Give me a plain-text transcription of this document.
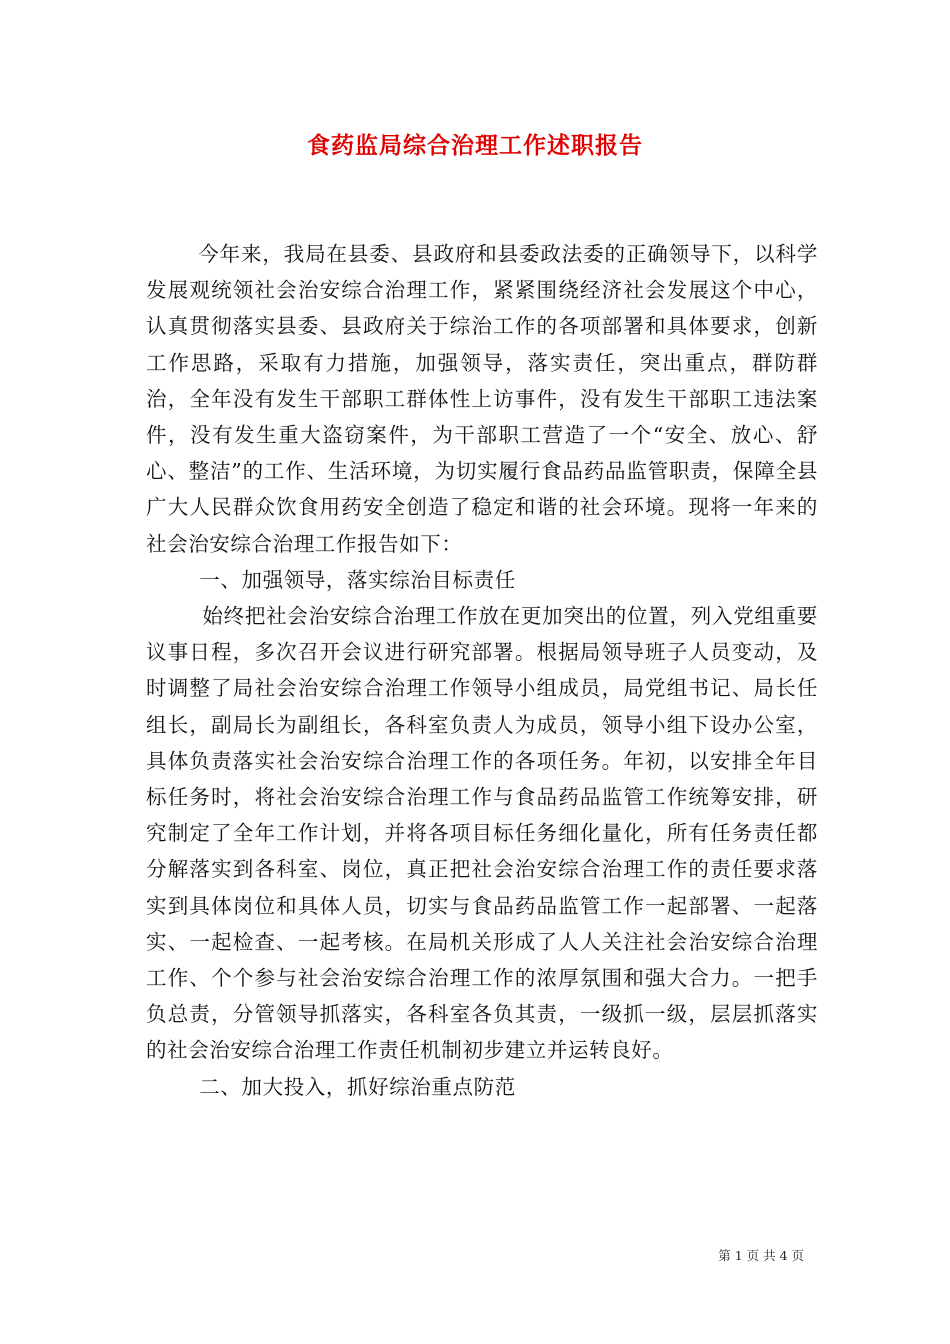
食药监局综合治理工作述职报告

今年来，我局在县委、县政府和县委政法委的正确领导下，以科学发展观统领社会治安综合治理工作，紧紧围绕经济社会发展这个中心，认真贯彻落实县委、县政府关于综治工作的各项部署和具体要求，创新工作思路，采取有力措施，加强领导，落实责任，突出重点，群防群治，全年没有发生干部职工群体性上访事件，没有发生干部职工违法案件，没有发生重大盗窃案件，为干部职工营造了一个“安全、放心、舒心、整洁”的工作、生活环境，为切实履行食品药品监管职责，保障全县广大人民群众饮食用药安全创造了稳定和谐的社会环境。现将一年来的社会治安综合治理工作报告如下：

一、加强领导，落实综治目标责任

始终把社会治安综合治理工作放在更加突出的位置，列入党组重要议事日程，多次召开会议进行研究部署。根据局领导班子人员变动，及时调整了局社会治安综合治理工作领导小组成员，局党组书记、局长任组长，副局长为副组长，各科室负责人为成员，领导小组下设办公室，具体负责落实社会治安综合治理工作的各项任务。年初，以安排全年目标任务时，将社会治安综合治理工作与食品药品监管工作统筹安排，研究制定了全年工作计划，并将各项目标任务细化量化，所有任务责任都分解落实到各科室、岗位，真正把社会治安综合治理工作的责任要求落实到具体岗位和具体人员，切实与食品药品监管工作一起部署、一起落实、一起检查、一起考核。在局机关形成了人人关注社会治安综合治理工作、个个参与社会治安综合治理工作的浓厚氛围和强大合力。一把手负总责，分管领导抓落实，各科室各负其责，一级抓一级，层层抓落实的社会治安综合治理工作责任机制初步建立并运转良好。

二、加大投入，抓好综治重点防范

第 1 页 共 4 页
